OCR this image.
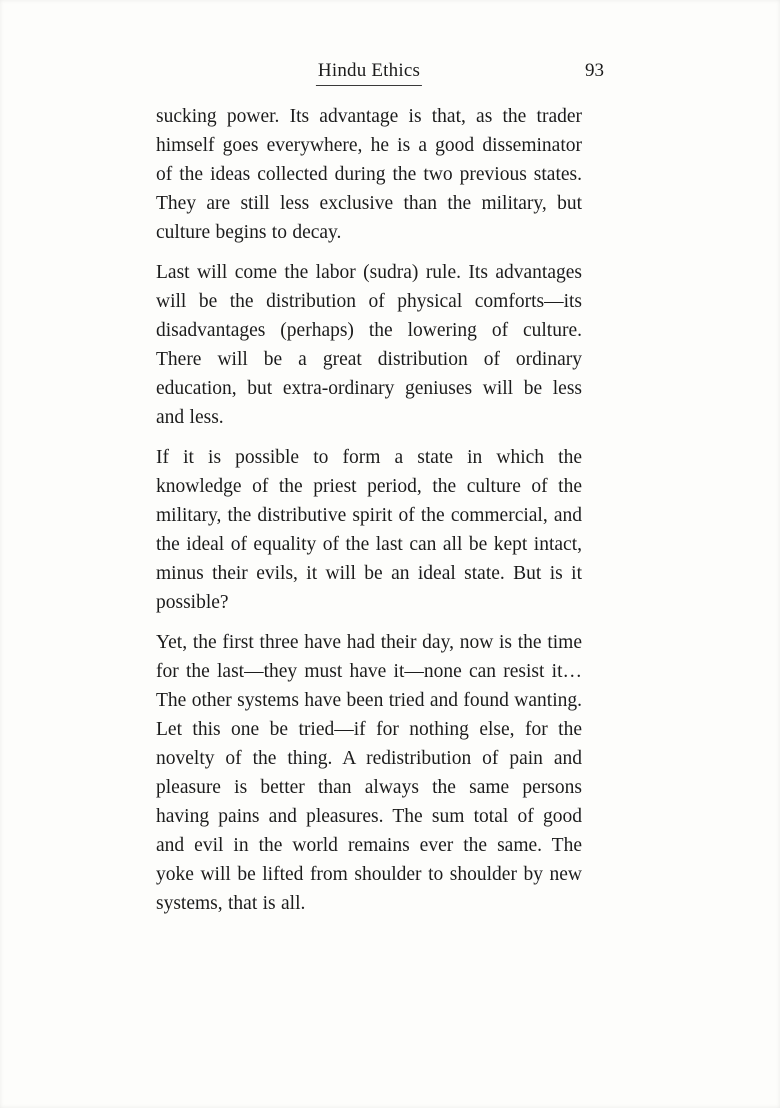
Hindu Ethics	93

sucking power. Its advantage is that, as the trader himself goes everywhere, he is a good disseminator of the ideas collected during the two previous states. They are still less exclusive than the military, but culture begins to decay.

Last will come the labor (sudra) rule. Its advantages will be the distribution of physical comforts—its disadvantages (perhaps) the lowering of culture. There will be a great distribution of ordinary education, but extra-ordinary geniuses will be less and less.

If it is possible to form a state in which the knowledge of the priest period, the culture of the military, the distributive spirit of the commercial, and the ideal of equality of the last can all be kept intact, minus their evils, it will be an ideal state. But is it possible?

Yet, the first three have had their day, now is the time for the last—they must have it—none can resist it… The other systems have been tried and found wanting. Let this one be tried—if for nothing else, for the novelty of the thing. A redistribution of pain and pleasure is better than always the same persons having pains and pleasures. The sum total of good and evil in the world remains ever the same. The yoke will be lifted from shoulder to shoulder by new systems, that is all.
